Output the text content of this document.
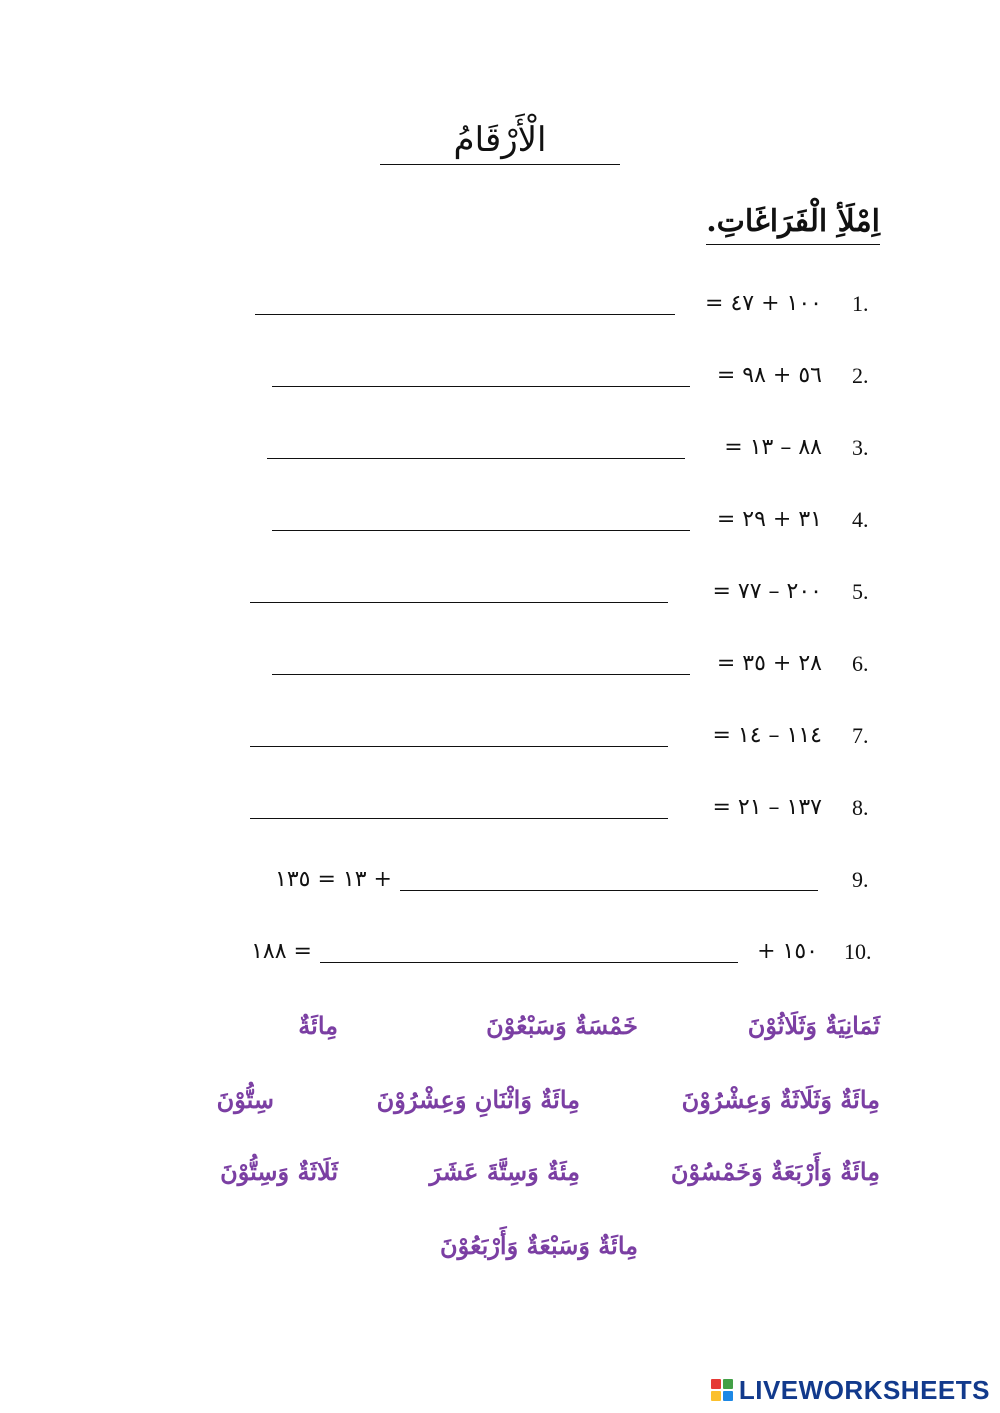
الْأَرْقَامُ
اِمْلَأِ الْفَرَاغَاتِ.
1.
١٠٠ + ٤٧ =
2.
٥٦ + ٩٨ =
3.
٨٨ – ١٣ =
4.
٣١ + ٢٩ =
5.
٢٠٠ – ٧٧ =
6.
٢٨ + ٣٥ =
7.
١١٤ – ١٤ =
8.
١٣٧ – ٢١ =
9.
+ ١٣ = ١٣٥
10.
١٥٠ +
= ١٨٨
ثَمَانِيَةٌ وَثَلَاثُوْنَ
خَمْسَةٌ وَسَبْعُوْنَ
مِائَةٌ
مِائَةٌ وَثَلَاثَةٌ وَعِشْرُوْنَ
مِائَةٌ وَاثْنَانِ وَعِشْرُوْنَ
سِتُّوْنَ
مِائَةٌ وَأَرْبَعَةٌ وَخَمْسُوْنَ
مِئَةٌ وَسِتَّةَ عَشَرَ
ثَلَاثَةٌ وَسِتُّوْنَ
مِائَةٌ وَسَبْعَةٌ وَأَرْبَعُوْنَ
LIVEWORKSHEETS
